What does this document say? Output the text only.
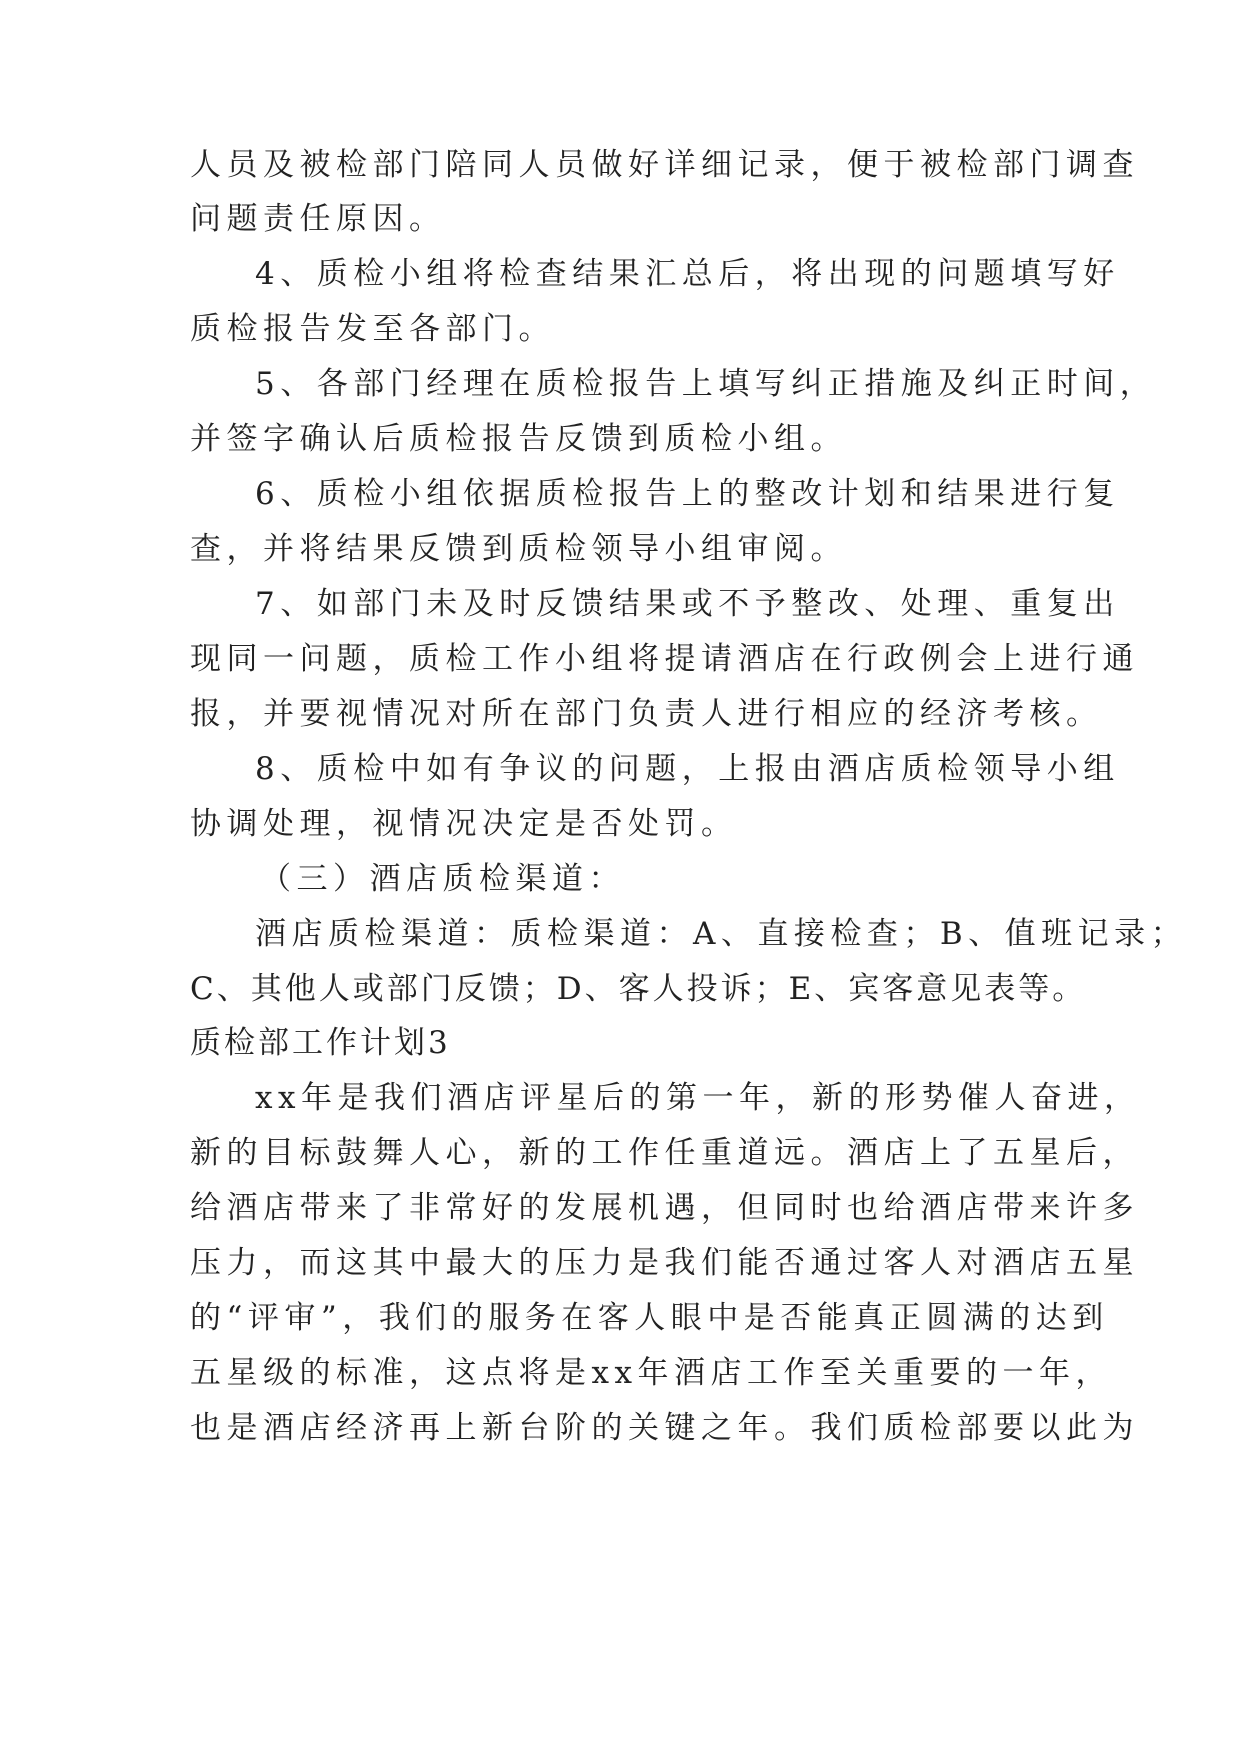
人员及被检部门陪同人员做好详细记录，便于被检部门调查
问题责任原因。
4、质检小组将检查结果汇总后，将出现的问题填写好
质检报告发至各部门。
5、各部门经理在质检报告上填写纠正措施及纠正时间，
并签字确认后质检报告反馈到质检小组。
6、质检小组依据质检报告上的整改计划和结果进行复
查，并将结果反馈到质检领导小组审阅。
7、如部门未及时反馈结果或不予整改、处理、重复出
现同一问题，质检工作小组将提请酒店在行政例会上进行通
报，并要视情况对所在部门负责人进行相应的经济考核。
8、质检中如有争议的问题，上报由酒店质检领导小组
协调处理，视情况决定是否处罚。
（三）酒店质检渠道：
酒店质检渠道：质检渠道：A、直接检查；B、值班记录；
C、其他人或部门反馈；D、客人投诉；E、宾客意见表等。
质检部工作计划3
xx年是我们酒店评星后的第一年，新的形势催人奋进，
新的目标鼓舞人心，新的工作任重道远。酒店上了五星后，
给酒店带来了非常好的发展机遇，但同时也给酒店带来许多
压力，而这其中最大的压力是我们能否通过客人对酒店五星
的“评审”，我们的服务在客人眼中是否能真正圆满的达到
五星级的标准，这点将是xx年酒店工作至关重要的一年，
也是酒店经济再上新台阶的关键之年。我们质检部要以此为
